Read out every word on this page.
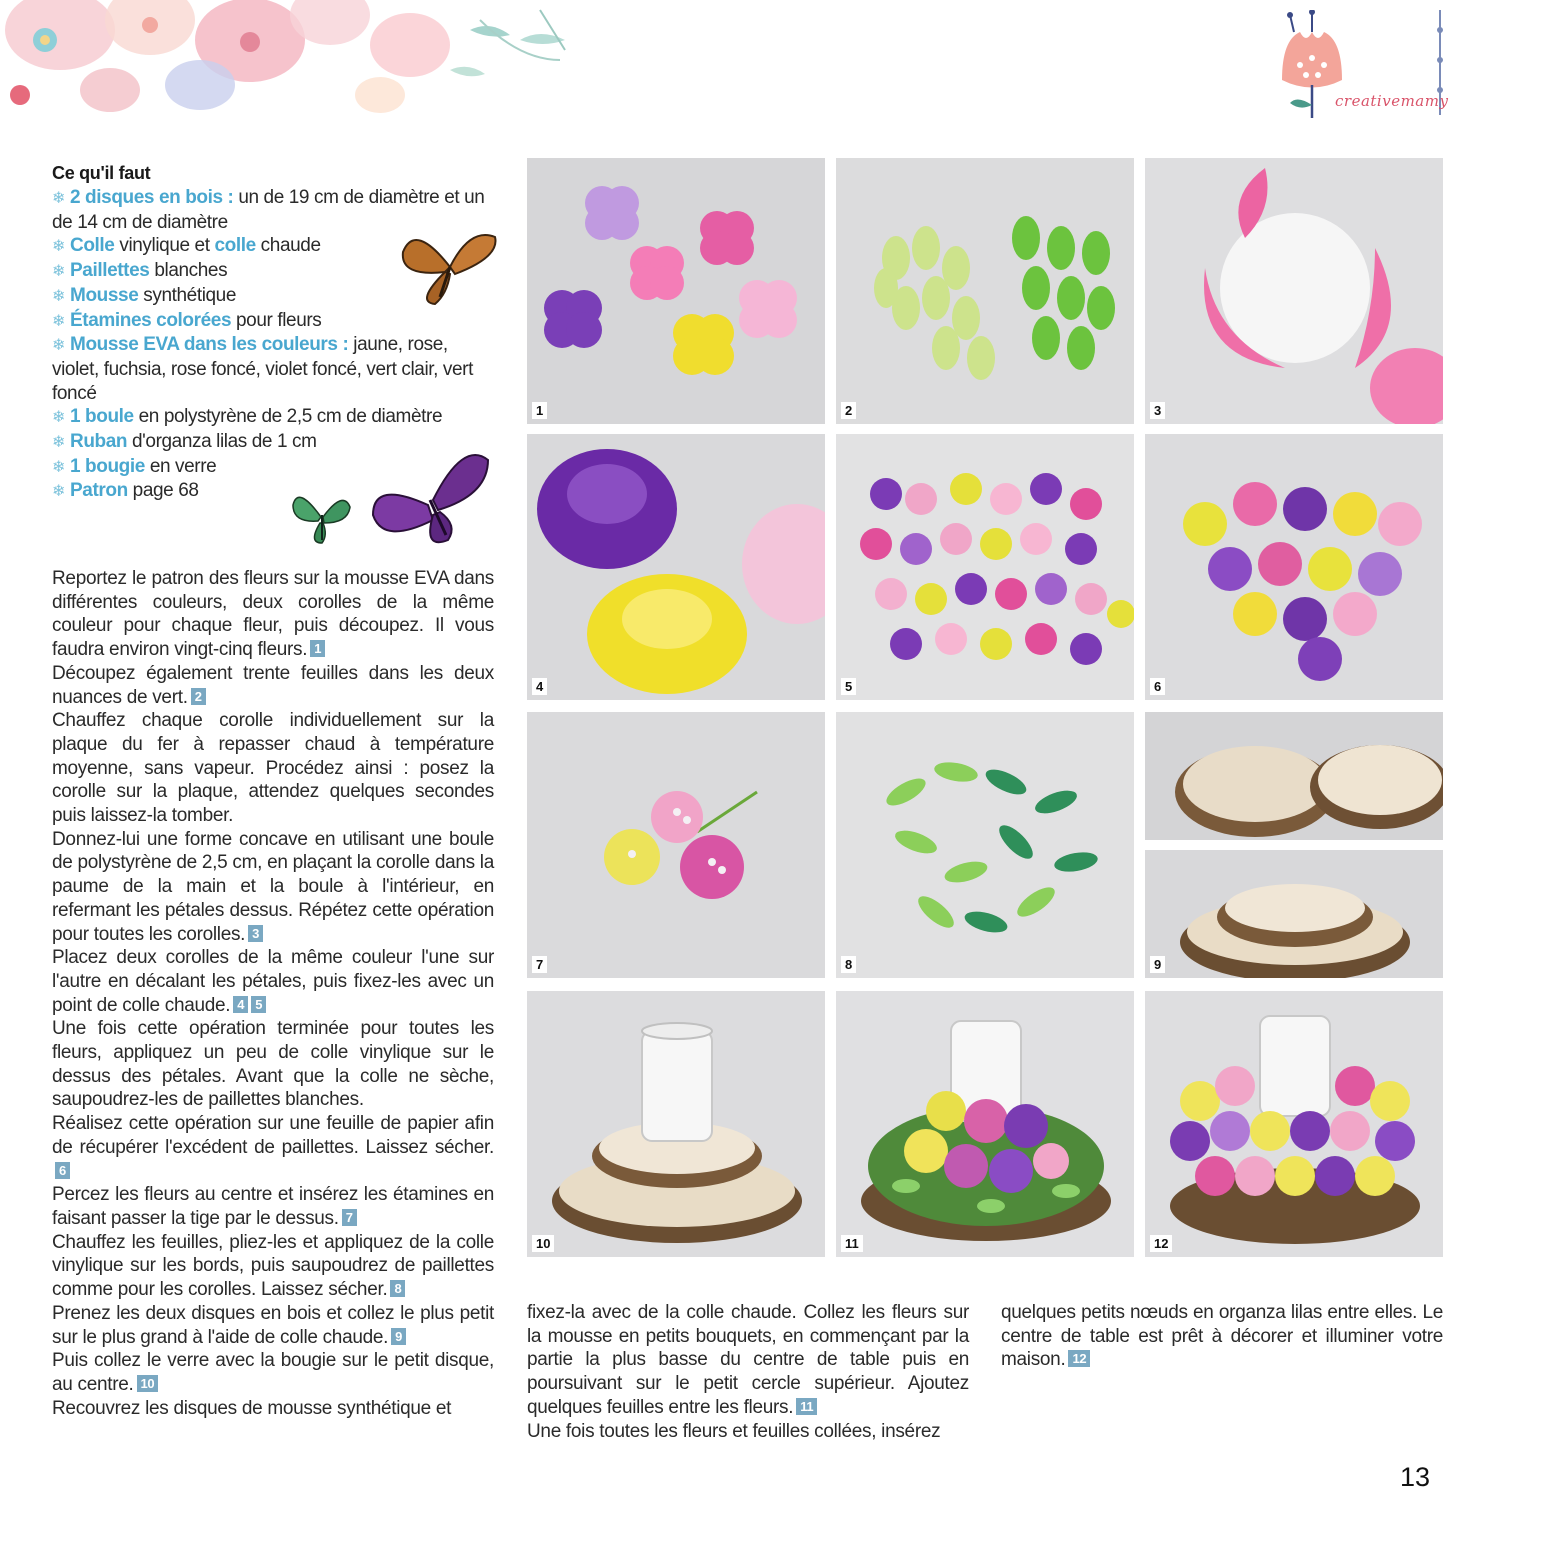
creativemamy
Ce qu'il faut
❄ 2 disques en bois : un de 19 cm de diamètre et un de 14 cm de diamètre
❄ Colle vinylique et colle chaude
❄ Paillettes blanches
❄ Mousse synthétique
❄ Étamines colorées pour fleurs
❄ Mousse EVA dans les couleurs : jaune, rose, violet, fuchsia, rose foncé, violet foncé, vert clair, vert foncé
❄ 1 boule en polystyrène de 2,5 cm de diamètre
❄ Ruban d'organza lilas de 1 cm
❄ 1 bougie en verre
❄ Patron page 68

Reportez le patron des fleurs sur la mousse EVA dans différentes couleurs, deux corolles de la même couleur pour chaque fleur, puis découpez. Il vous faudra environ vingt-cinq fleurs. 1

Découpez également trente feuilles dans les deux nuances de vert. 2

Chauffez chaque corolle individuellement sur la plaque du fer à repasser chaud à température moyenne, sans vapeur. Procédez ainsi : posez la corolle sur la plaque, attendez quelques secondes puis laissez-la tomber.

Donnez-lui une forme concave en utilisant une boule de polystyrène de 2,5 cm, en plaçant la corolle dans la paume de la main et la boule à l'intérieur, en refermant les pétales dessus. Répétez cette opération pour toutes les corolles. 3

Placez deux corolles de la même couleur l'une sur l'autre en décalant les pétales, puis fixez-les avec un point de colle chaude. 4 5

Une fois cette opération terminée pour toutes les fleurs, appliquez un peu de colle vinylique sur le dessus des pétales. Avant que la colle ne sèche, saupoudrez-les de paillettes blanches.

Réalisez cette opération sur une feuille de papier afin de récupérer l'excédent de paillettes. Laissez sécher.6

Percez les fleurs au centre et insérez les étamines en faisant passer la tige par le dessus. 7

Chauffez les feuilles, pliez-les et appliquez de la colle vinylique sur les bords, puis saupoudrez de paillettes comme pour les corolles. Laissez sécher. 8

Prenez les deux disques en bois et collez le plus petit sur le plus grand à l'aide de colle chaude. 9

Puis collez le verre avec la bougie sur le petit disque, au centre. 10

Recouvrez les disques de mousse synthétique et

fixez-la avec de la colle chaude. Collez les fleurs sur la mousse en petits bouquets, en commençant par la partie la plus basse du centre de table puis en poursuivant sur le petit cercle supérieur. Ajoutez quelques feuilles entre les fleurs. 11

Une fois toutes les fleurs et feuilles collées, insérez

quelques petits nœuds en organza lilas entre elles. Le centre de table est prêt à décorer et illuminer votre maison. 12

1	2	3
4	5	6
7	8	9
10	11	12
13
